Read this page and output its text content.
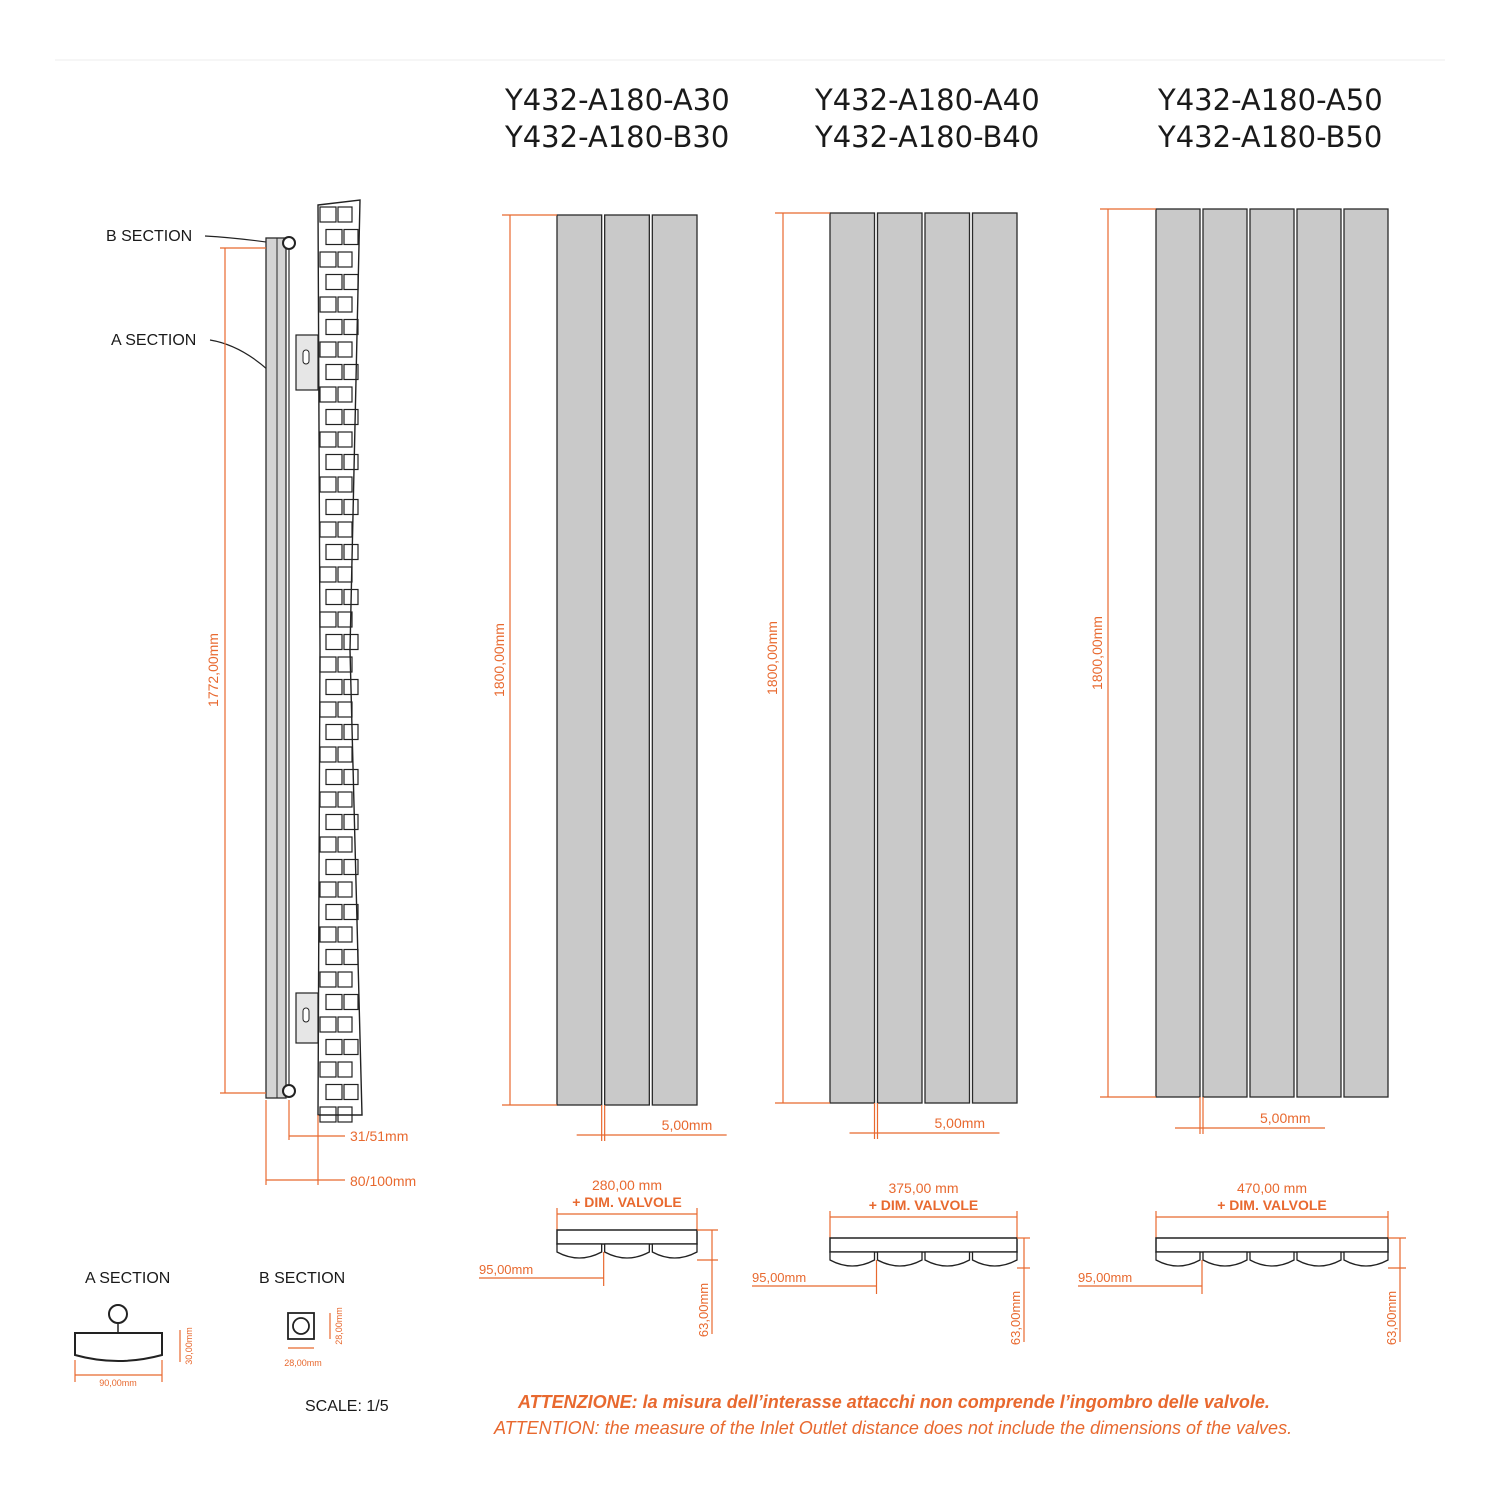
Y432-A180-A30
Y432-A180-B30
Y432-A180-A40
Y432-A180-B40
Y432-A180-A50
Y432-A180-B50
B SECTION
A SECTION
1772,00mm
31/51mm
80/100mm
1800,00mm
5,00mm
280,00 mm
+ DIM. VALVOLE
95,00mm
63,00mm
1800,00mm
5,00mm
375,00 mm
+ DIM. VALVOLE
95,00mm
63,00mm
1800,00mm
5,00mm
470,00 mm
+ DIM. VALVOLE
95,00mm
63,00mm
A SECTION
90,00mm
30,00mm
B SECTION
28,00mm
28,00mm
SCALE: 1/5	ATTENZIONE: la misura dell’interasse attacchi non comprende l’ingombro delle valvole.
ATTENTION: the measure of the Inlet Outlet distance does not include the dimensions of the valves.
